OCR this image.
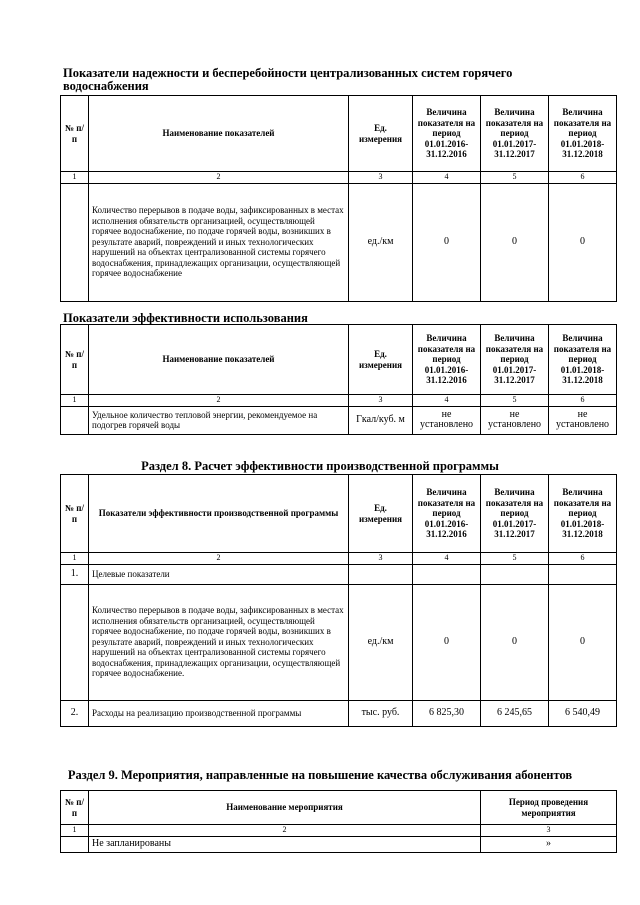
Показатели надежности и бесперебойности централизованных систем горячего водоснабжения
№ п/п	Наименование показателей	Ед. измерения	Величина показателя на период 01.01.2016-31.12.2016	Величина показателя на период 01.01.2017-31.12.2017	Величина показателя на период 01.01.2018-31.12.2018
1	2	3	4	5	6
	Количество перерывов в подаче воды, зафиксированных в местах исполнения обязательств организацией, осуществляющей горячее водоснабжение, по подаче горячей воды, возникших в результате аварий, повреждений и иных технологических нарушений на объектах централизованной системы горячего водоснабжения, принадлежащих организации, осуществляющей горячее водоснабжение	ед./км	0	0	0
Показатели эффективности использования
№ п/п	Наименование показателей	Ед. измерения	Величина показателя на период 01.01.2016-31.12.2016	Величина показателя на период 01.01.2017-31.12.2017	Величина показателя на период 01.01.2018-31.12.2018
1	2	3	4	5	6
	Удельное количество тепловой энергии, рекомендуемое на подогрев горячей воды	Гкал/куб. м	не установлено	не установлено	не установлено
Раздел 8. Расчет эффективности производственной программы
№ п/п	Показатели эффективности производственной программы	Ед. измерения	Величина показателя на период 01.01.2016-31.12.2016	Величина показателя на период 01.01.2017-31.12.2017	Величина показателя на период 01.01.2018-31.12.2018
1	2	3	4	5	6
1.	Целевые показатели				
	Количество перерывов в подаче воды, зафиксированных в местах исполнения обязательств организацией, осуществляющей горячее водоснабжение, по подаче горячей воды, возникших в результате аварий, повреждений и иных технологических нарушений на объектах централизованной системы горячего водоснабжения, принадлежащих организации, осуществляющей горячее водоснабжение.	ед./км	0	0	0
2.	Расходы на реализацию производственной программы	тыс. руб.	6 825,30	6 245,65	6 540,49
Раздел 9. Мероприятия, направленные на повышение качества обслуживания абонентов
№ п/п	Наименование мероприятия	Период проведения мероприятия
1	2	3
	Не запланированы	»
